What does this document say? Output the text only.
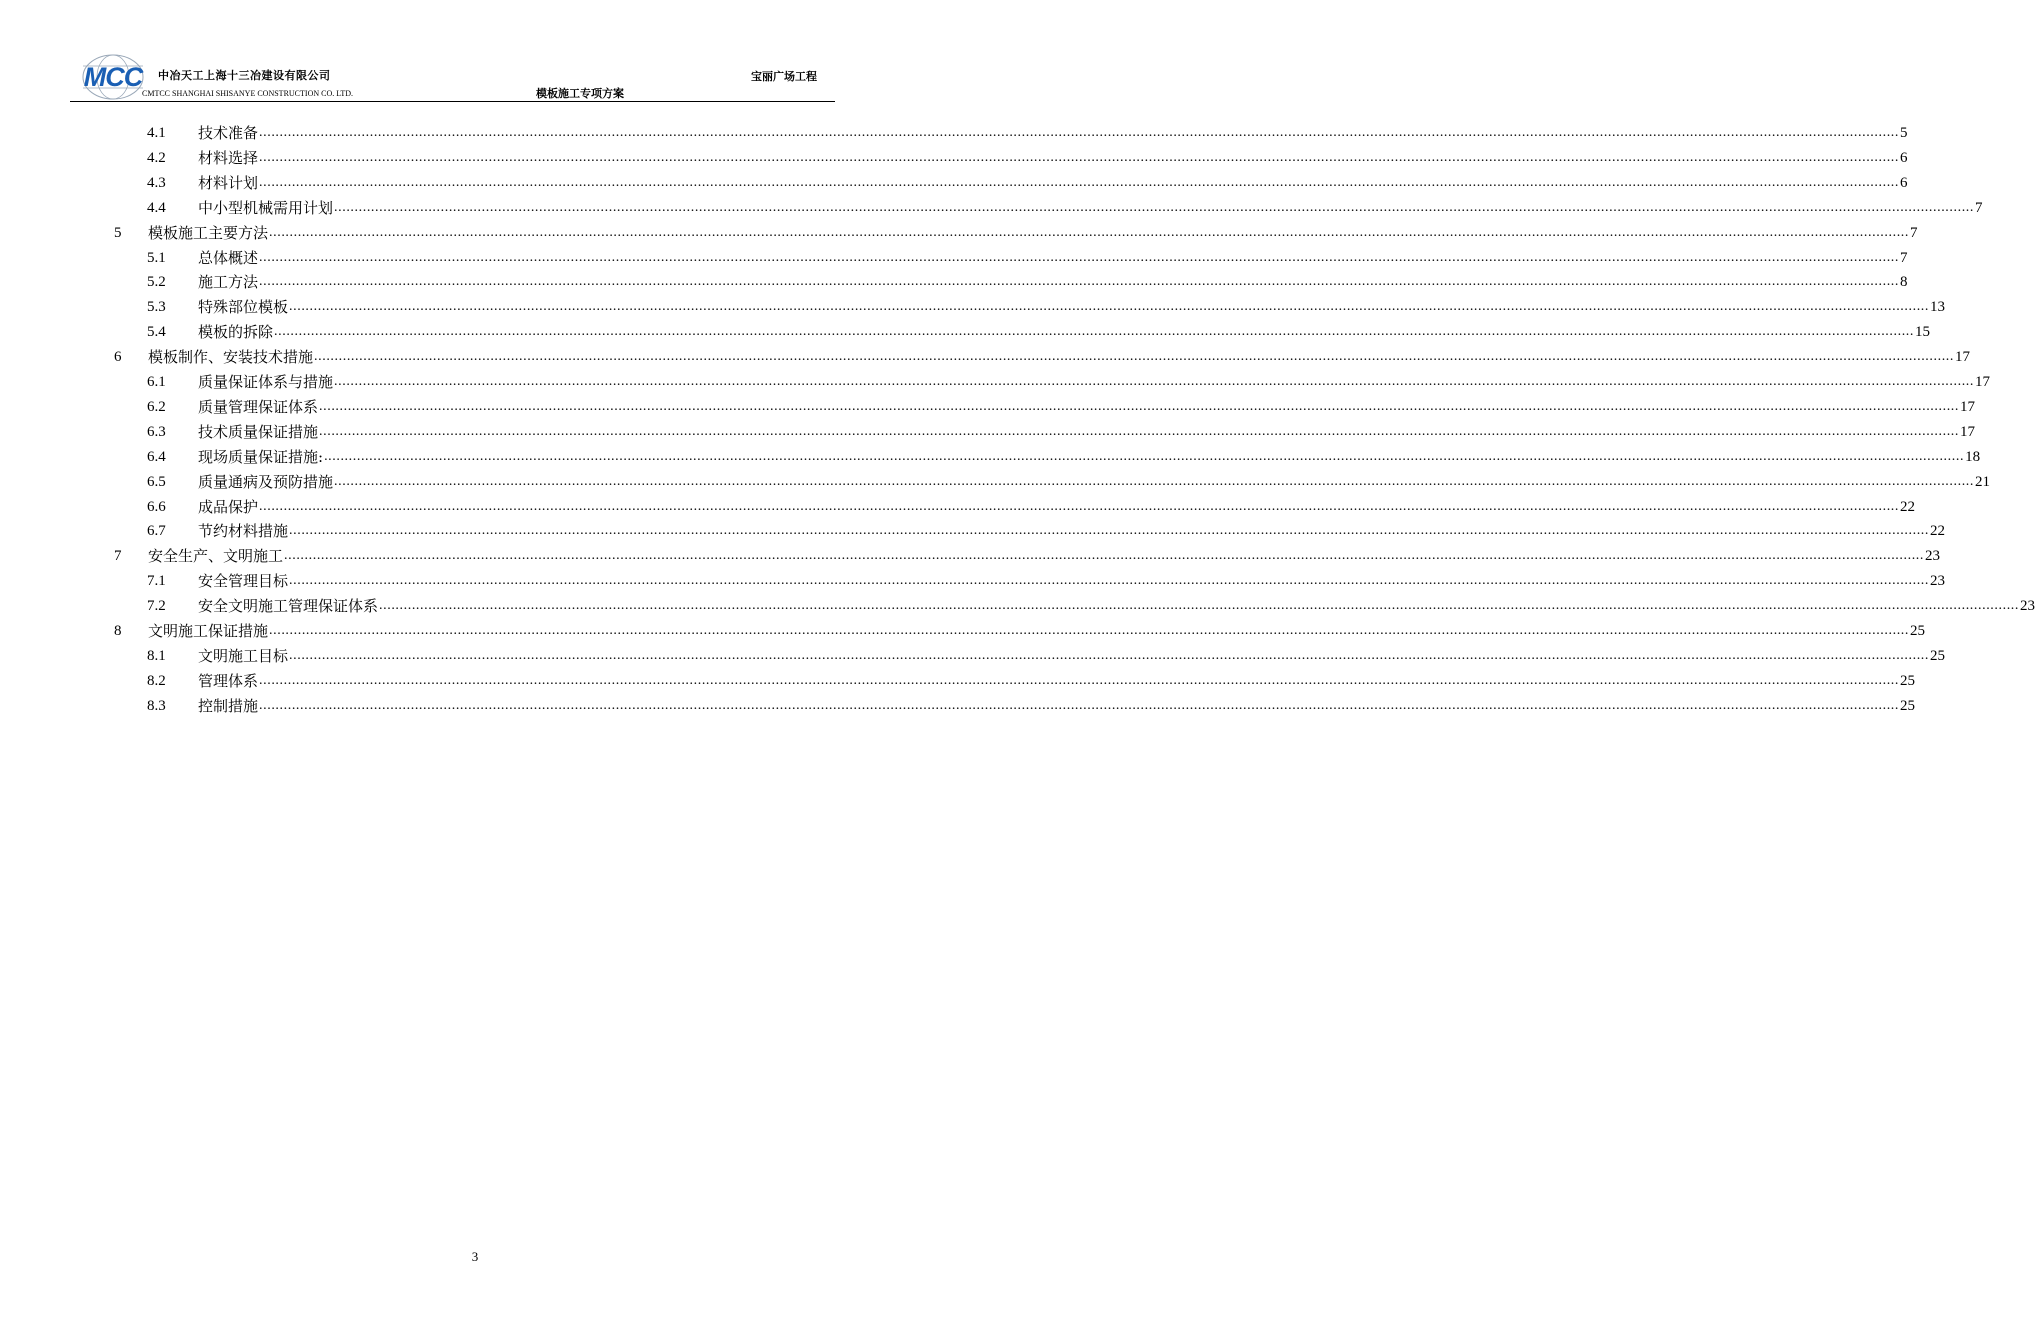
MCC 中冶天工上海十三冶建设有限公司
CMTCC SHANGHAI SHISANYE CONSTRUCTION CO. LTD.
宝丽广场工程
模板施工专项方案
4.1	技术准备 ................................................................................................................................................................................................................................................................................................................................................................................................................ 5
4.2	材料选择 ................................................................................................................................................................................................................................................................................................................................................................................................................ 6
4.3	材料计划 ................................................................................................................................................................................................................................................................................................................................................................................................................ 6
4.4	中小型机械需用计划 ................................................................................................................................................................................................................................................................................................................................................................................................................ 7
5	模板施工主要方法 ................................................................................................................................................................................................................................................................................................................................................................................................................ 7
5.1	总体概述 ................................................................................................................................................................................................................................................................................................................................................................................................................ 7
5.2	施工方法 ................................................................................................................................................................................................................................................................................................................................................................................................................ 8
5.3	特殊部位模板 ................................................................................................................................................................................................................................................................................................................................................................................................................ 13
5.4	模板的拆除 ................................................................................................................................................................................................................................................................................................................................................................................................................ 15
6	模板制作、安装技术措施 ................................................................................................................................................................................................................................................................................................................................................................................................................ 17
6.1	质量保证体系与措施 ................................................................................................................................................................................................................................................................................................................................................................................................................ 17
6.2	质量管理保证体系 ................................................................................................................................................................................................................................................................................................................................................................................................................ 17
6.3	技术质量保证措施 ................................................................................................................................................................................................................................................................................................................................................................................................................ 17
6.4	现场质量保证措施: ................................................................................................................................................................................................................................................................................................................................................................................................................ 18
6.5	质量通病及预防措施 ................................................................................................................................................................................................................................................................................................................................................................................................................ 21
6.6	成品保护 ................................................................................................................................................................................................................................................................................................................................................................................................................ 22
6.7	节约材料措施 ................................................................................................................................................................................................................................................................................................................................................................................................................ 22
7	安全生产、文明施工 ................................................................................................................................................................................................................................................................................................................................................................................................................ 23
7.1	安全管理目标 ................................................................................................................................................................................................................................................................................................................................................................................................................ 23
7.2	安全文明施工管理保证体系 ................................................................................................................................................................................................................................................................................................................................................................................................................ 23
8	文明施工保证措施 ................................................................................................................................................................................................................................................................................................................................................................................................................ 25
8.1	文明施工目标 ................................................................................................................................................................................................................................................................................................................................................................................................................ 25
8.2	管理体系 ................................................................................................................................................................................................................................................................................................................................................................................................................ 25
8.3	控制措施 ................................................................................................................................................................................................................................................................................................................................................................................................................ 25
3
